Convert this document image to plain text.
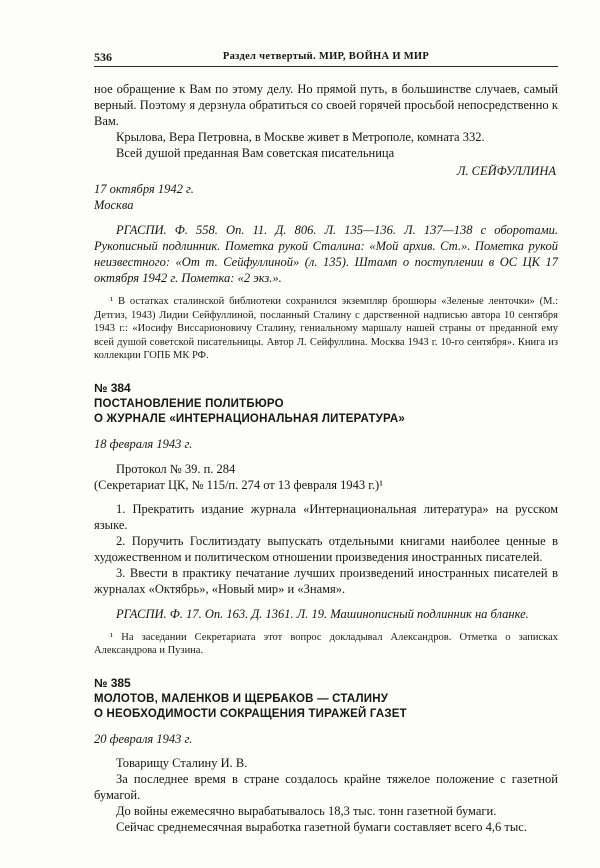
536	Раздел четвертый. МИР, ВОЙНА И МИР

ное обращение к Вам по этому делу. Но прямой путь, в большинстве случаев, самый верный. Поэтому я дерзнула обратиться со своей горячей просьбой непосредственно к Вам.

Крылова, Вера Петровна, в Москве живет в Метрополе, комната 332.

Всей душой преданная Вам советская писательница

Л. СЕЙФУЛЛИНА

17 октября 1942 г.

Москва

РГАСПИ. Ф. 558. Оп. 11. Д. 806. Л. 135—136. Л. 137—138 с оборотами. Рукописный подлинник. Пометка рукой Сталина: «Мой архив. Ст.». Пометка рукой неизвестного: «От т. Сейфуллиной» (л. 135). Штамп о поступлении в ОС ЦК 17 октября 1942 г. Пометка: «2 экз.».

¹ В остатках сталинской библиотеки сохранился экземпляр брошюры «Зеленые ленточки» (М.: Детгиз, 1943) Лидии Сейфуллиной, посланный Сталину с дарственной надписью автора 10 сентября 1943 г.: «Иосифу Виссарионовичу Сталину, гениальному маршалу нашей страны от преданной ему всей душой советской писательницы. Автор Л. Сейфуллина. Москва 1943 г. 10-го сентября». Книга из коллекции ГОПБ МК РФ.

№ 384

ПОСТАНОВЛЕНИЕ ПОЛИТБЮРО

О ЖУРНАЛЕ «ИНТЕРНАЦИОНАЛЬНАЯ ЛИТЕРАТУРА»

18 февраля 1943 г.

Протокол № 39. п. 284

(Секретариат ЦК, № 115/п. 274 от 13 февраля 1943 г.)¹

1. Прекратить издание журнала «Интернациональная литература» на русском языке.

2. Поручить Гослитиздату выпускать отдельными книгами наиболее ценные в художественном и политическом отношении произведения иностранных писателей.

3. Ввести в практику печатание лучших произведений иностранных писателей в журналах «Октябрь», «Новый мир» и «Знамя».

РГАСПИ. Ф. 17. Оп. 163. Д. 1361. Л. 19. Машинописный подлинник на бланке.

¹ На заседании Секретариата этот вопрос докладывал Александров. Отметка о записках Александрова и Пузина.

№ 385

МОЛОТОВ, МАЛЕНКОВ И ЩЕРБАКОВ — СТАЛИНУ

О НЕОБХОДИМОСТИ СОКРАЩЕНИЯ ТИРАЖЕЙ ГАЗЕТ

20 февраля 1943 г.

Товарищу Сталину И. В.

За последнее время в стране создалось крайне тяжелое положение с газетной бумагой.

До войны ежемесячно вырабатывалось 18,3 тыс. тонн газетной бумаги.

Сейчас среднемесячная выработка газетной бумаги составляет всего 4,6 тыс.
